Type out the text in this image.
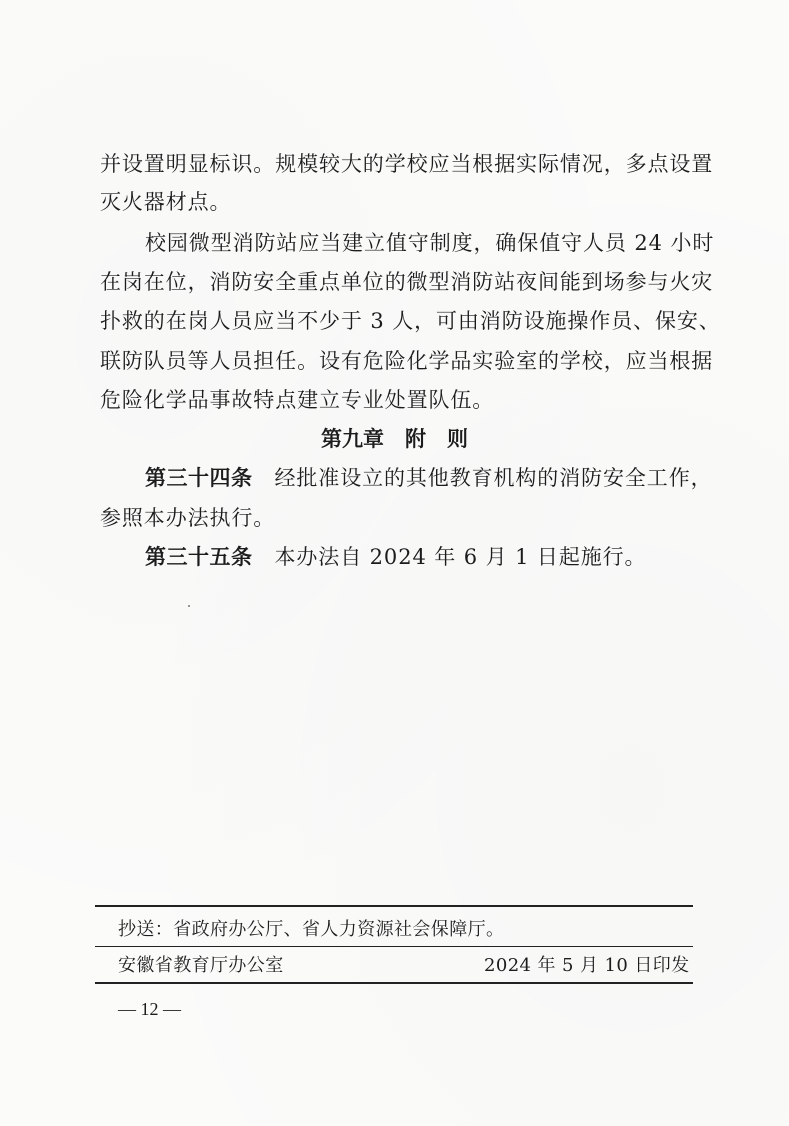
并设置明显标识。规模较大的学校应当根据实际情况，多点设置
灭火器材点。
校园微型消防站应当建立值守制度，确保值守人员 24 小时
在岗在位，消防安全重点单位的微型消防站夜间能到场参与火灾
扑救的在岗人员应当不少于 3 人，可由消防设施操作员、保安、
联防队员等人员担任。设有危险化学品实验室的学校，应当根据
危险化学品事故特点建立专业处置队伍。
第九章　附　则
第三十四条 经批准设立的其他教育机构的消防安全工作，
参照本办法执行。
第三十五条 本办法自 2024 年 6 月 1 日起施行。
抄送：省政府办公厅、省人力资源社会保障厅。
安徽省教育厅办公室	2024 年 5 月 10 日印发
— 12 —
